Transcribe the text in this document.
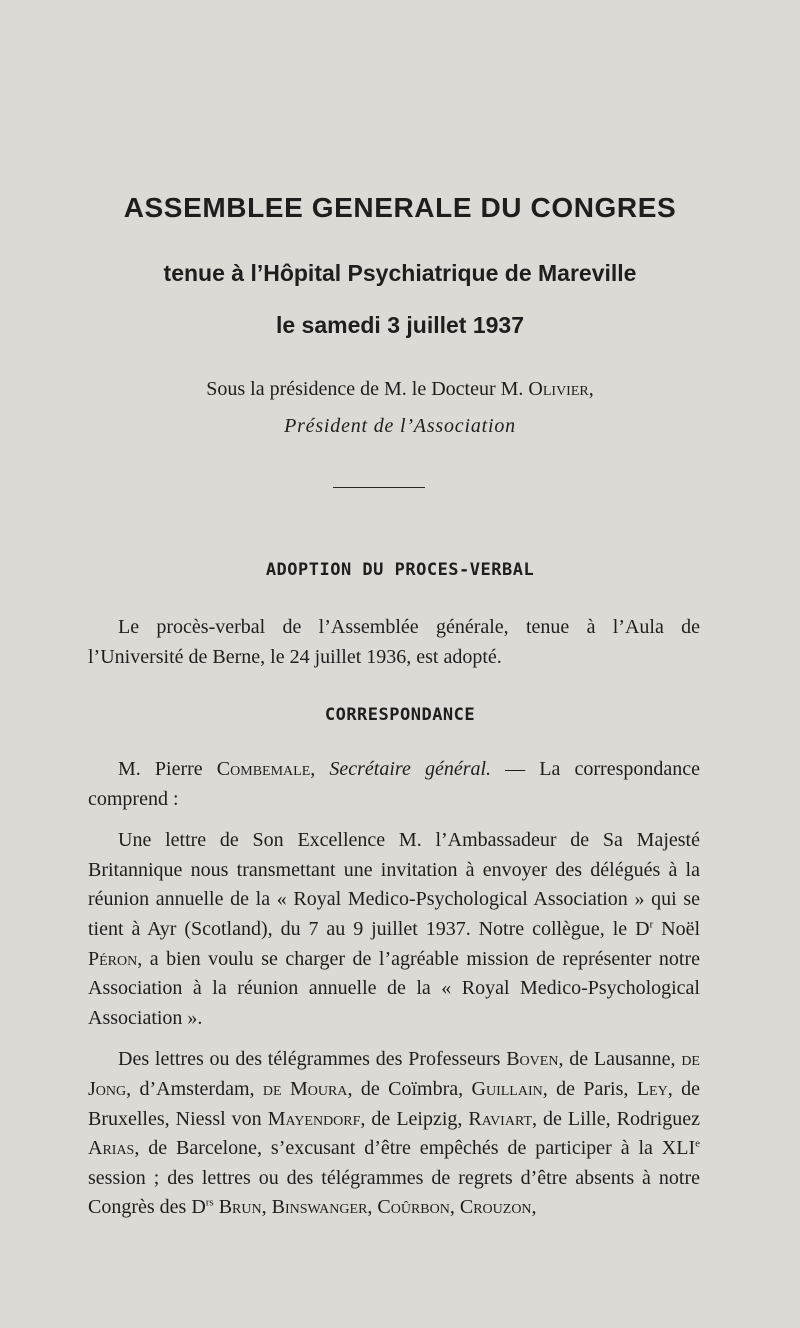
ASSEMBLEE GENERALE DU CONGRES
tenue à l’Hôpital Psychiatrique de Mareville
le samedi 3 juillet 1937
Sous la présidence de M. le Docteur M. Olivier,
Président de l’Association
ADOPTION DU PROCES-VERBAL

Le procès-verbal de l’Assemblée générale, tenue à l’Aula de l’Université de Berne, le 24 juillet 1936, est adopté.

CORRESPONDANCE

M. Pierre Combemale, Secrétaire général. — La correspondance comprend :

Une lettre de Son Excellence M. l’Ambassadeur de Sa Majesté Britannique nous transmettant une invitation à envoyer des délégués à la réunion annuelle de la « Royal Medico-Psychological Association » qui se tient à Ayr (Scotland), du 7 au 9 juillet 1937. Notre collègue, le $D^r$ Noël Péron, a bien voulu se charger de l’agréable mission de représenter notre Association à la réunion annuelle de la « Royal Medico-Psychological Association ».

Des lettres ou des télégrammes des Professeurs Boven, de Lausanne, de Jong, d’Amsterdam, de Moura, de Coïmbra, Guillain, de Paris, Ley, de Bruxelles, Niessl von Mayendorf, de Leipzig, Raviart, de Lille, Rodriguez Arias, de Barcelone, s’excusant d’être empêchés de participer à la XLIe session ; des lettres ou des télégrammes de regrets d’être absents à notre Congrès des $D^{rs}$ Brun, Binswanger, Coûrbon, Crouzon,
